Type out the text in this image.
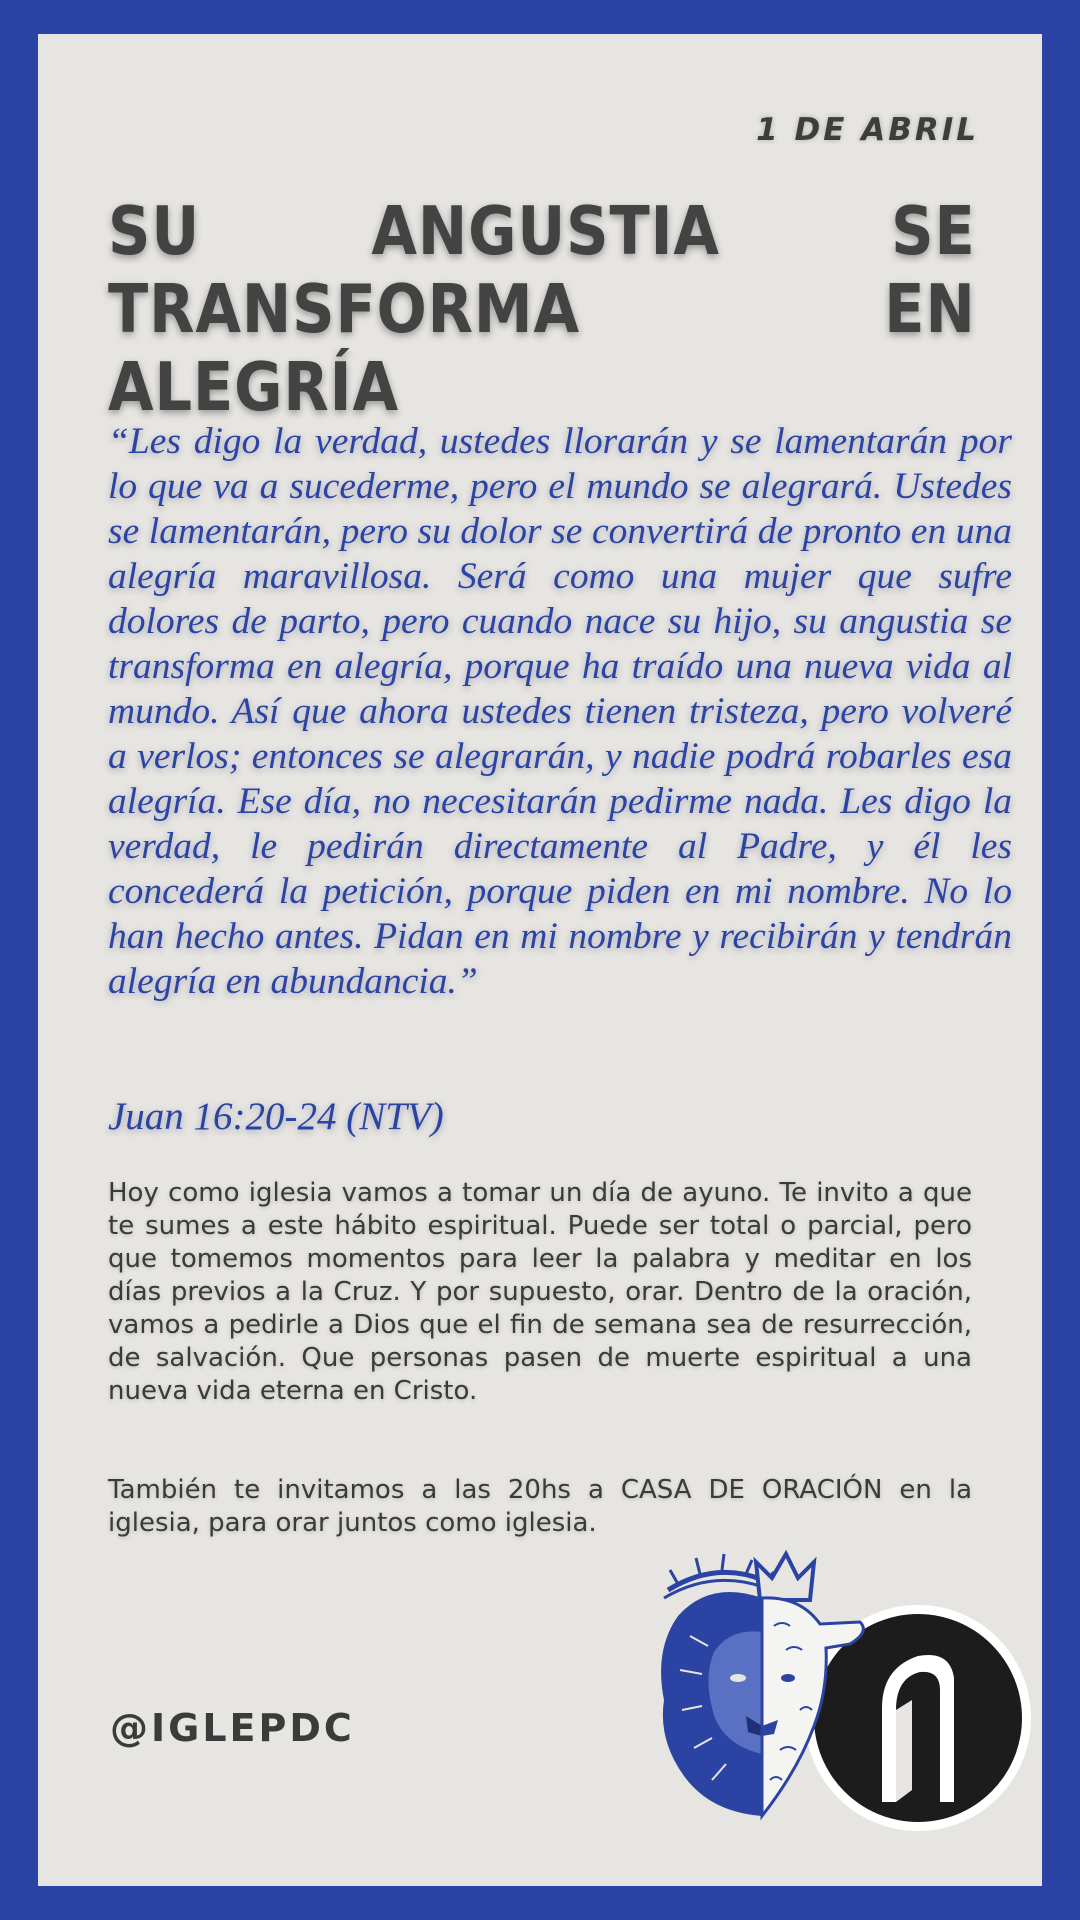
1 DE ABRIL
SU ANGUSTIA SE TRANSFORMA EN ALEGRÍA

“Les digo la verdad, ustedes llorarán y se lamentarán por lo que va a sucederme, pero el mundo se alegrará. Ustedes se lamentarán, pero su dolor se convertirá de pronto en una alegría maravillosa. Será como una mujer que sufre dolores de parto, pero cuando nace su hijo, su angustia se transforma en alegría, porque ha traído una nueva vida al mundo. Así que ahora ustedes tienen tristeza, pero volveré a verlos; entonces se alegrarán, y nadie podrá robarles esa alegría. Ese día, no necesitarán pedirme nada. Les digo la verdad, le pedirán directamente al Padre, y él les concederá la petición, porque piden en mi nombre. No lo han hecho antes. Pidan en mi nombre y recibirán y tendrán alegría en abundancia.”

Juan 16:20-24 (NTV)

Hoy como iglesia vamos a tomar un día de ayuno. Te invito a que te sumes a este hábito espiritual. Puede ser total o parcial, pero que tomemos momentos para leer la palabra y meditar en los días previos a la Cruz. Y por supuesto, orar. Dentro de la oración, vamos a pedirle a Dios que el fin de semana sea de resurrección, de salvación. Que personas pasen de muerte espiritual a una nueva vida eterna en Cristo.

También te invitamos a las 20hs a CASA DE ORACIÓN en la iglesia, para orar juntos como iglesia.

@IGLEPDC
